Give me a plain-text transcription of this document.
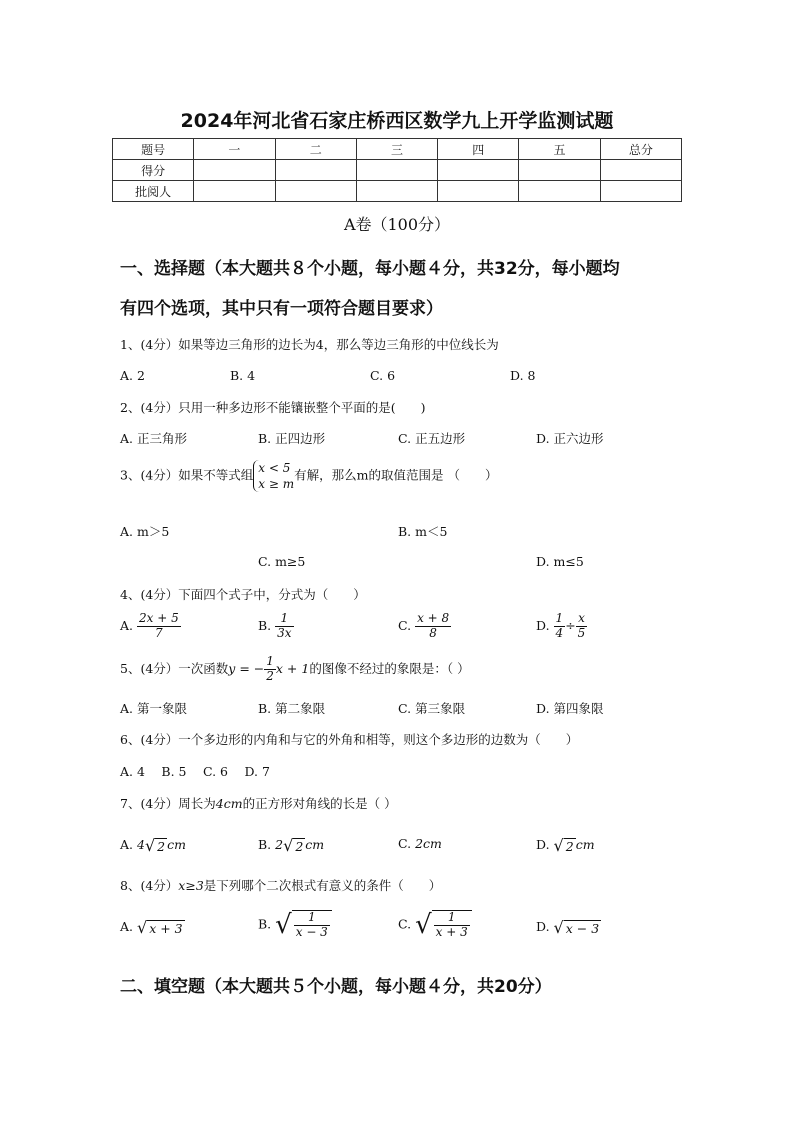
2024年河北省石家庄桥西区数学九上开学监测试题
题号	一	二	三	四	五	总分
得分						
批阅人						
A卷（100分）
一、选择题（本大题共８个小题，每小题４分，共32分，每小题均
有四个选项，其中只有一项符合题目要求）
1、(4分）如果等边三角形的边长为4，那么等边三角形的中位线长为
A. 2	B. 4	C. 6	D. 8
2、(4分）只用一种多边形不能镶嵌整个平面的是(　　)
A. 正三角形	B. 正四边形	C. 正五边形	D. 正六边形
3、(4分）如果不等式组 x < 5
x ≥ m
有解，那么m的取值范围是 （　　）
A. m＞5	B. m＜5
C. m≥5	D. m≤5
4、(4分）下面四个式子中，分式为（　　）
A. $\frac{2x + 5}{7}$	B. $\frac{1}{3x}$	C. $\frac{x + 8}{8}$	D. $\frac{1}{4} \div \frac{x}{5}$
5、(4分）一次函数y = − $\frac{1}{2}$ x + 1的图像不经过的象限是：（ ）
A. 第一象限	B. 第二象限	C. 第三象限	D. 第四象限
6、(4分）一个多边形的内角和与它的外角和相等，则这个多边形的边数为（　　）
A. 4　 B. 5　 C. 6　 D. 7
7、(4分）周长为4cm的正方形对角线的长是（ ）
A. 4√ 2 cm	B. 2√ 2 cm	C. 2cm	D. √ 2 cm
8、(4分）x≥3是下列哪个二次根式有意义的条件（　　）
A. √ x + 3	B. √ $\frac{1}{x - 3}$	C. √ $\frac{1}{x + 3}$	D. √ x − 3
二、填空题（本大题共５个小题，每小题４分，共20分）
